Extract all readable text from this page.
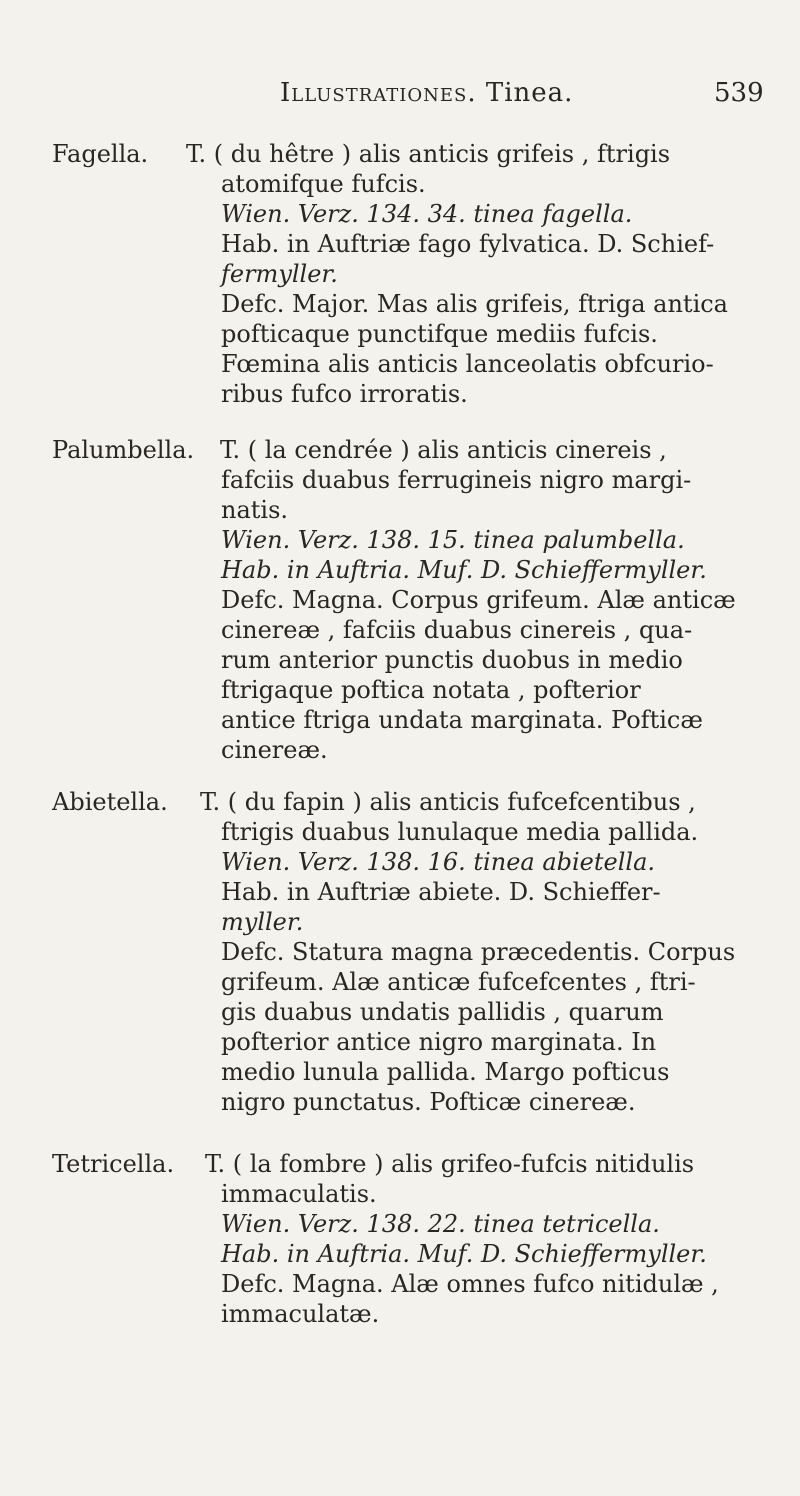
Illustrationes. Tinea.	539
Fagella. T. ( du hêtre ) alis anticis grifeis , ftrigis
atomifque fufcis.
Wien. Verz. 134. 34. tinea fagella.
Hab. in Auftriæ fago fylvatica. D. Schief-
fermyller.
Defc. Major. Mas alis grifeis, ftriga antica
pofticaque punctifque mediis fufcis.
Fœmina alis anticis lanceolatis obfcurio-
ribus fufco irroratis.
Palumbella. T. ( la cendrée ) alis anticis cinereis ,
fafciis duabus ferrugineis nigro margi-
natis.
Wien. Verz. 138. 15. tinea palumbella.
Hab. in Auftria. Muf. D. Schieffermyller.
Defc. Magna. Corpus grifeum. Alæ anticæ
cinereæ , fafciis duabus cinereis , qua-
rum anterior punctis duobus in medio
ftrigaque poftica notata , pofterior
antice ftriga undata marginata. Pofticæ
cinereæ.
Abietella. T. ( du fapin ) alis anticis fufcefcentibus ,
ftrigis duabus lunulaque media pallida.
Wien. Verz. 138. 16. tinea abietella.
Hab. in Auftriæ abiete. D. Schieffer-
myller.
Defc. Statura magna præcedentis. Corpus
grifeum. Alæ anticæ fufcefcentes , ftri-
gis duabus undatis pallidis , quarum
pofterior antice nigro marginata. In
medio lunula pallida. Margo pofticus
nigro punctatus. Pofticæ cinereæ.
Tetricella. T. ( la fombre ) alis grifeo-fufcis nitidulis
immaculatis.
Wien. Verz. 138. 22. tinea tetricella.
Hab. in Auftria. Muf. D. Schieffermyller.
Defc. Magna. Alæ omnes fufco nitidulæ ,
immaculatæ.
